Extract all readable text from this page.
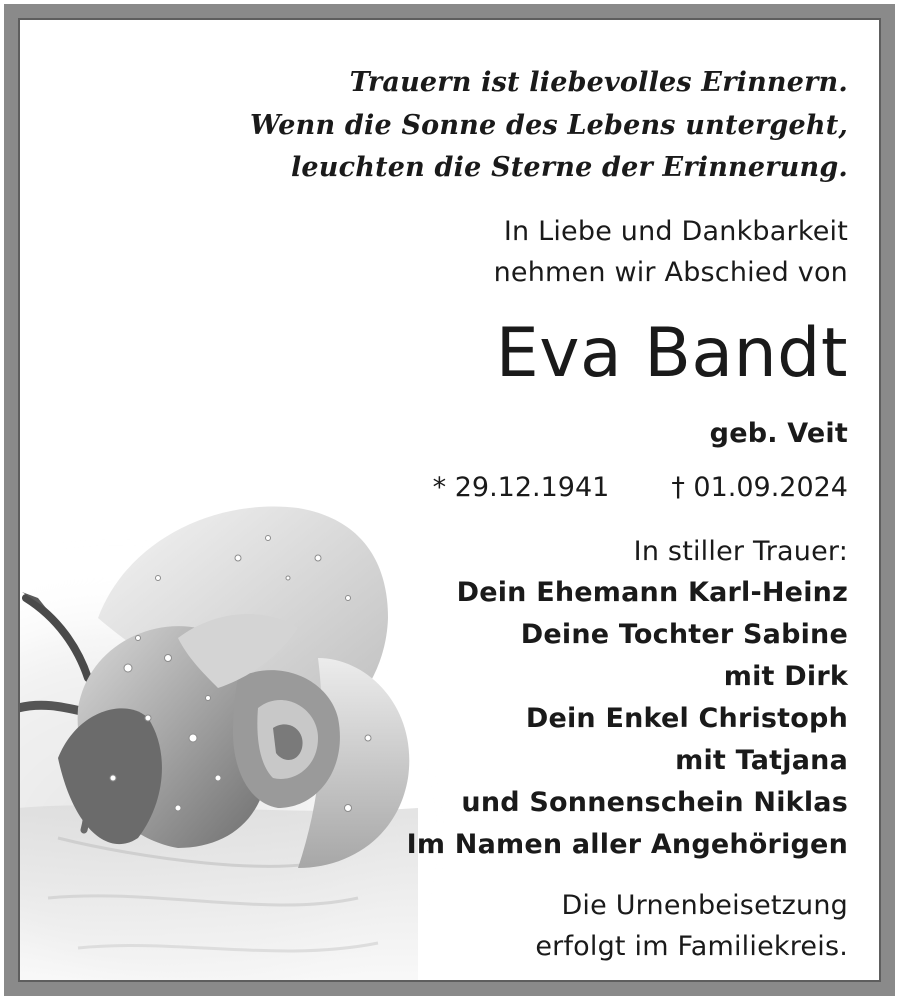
Trauern ist liebevolles Erinnern.
Wenn die Sonne des Lebens untergeht,
leuchten die Sterne der Erinnerung.
In Liebe und Dankbarkeit
nehmen wir Abschied von
Eva Bandt
geb. Veit
* 29.12.1941 † 01.09.2024
In stiller Trauer:
Dein Ehemann Karl-Heinz
Deine Tochter Sabine
mit Dirk
Dein Enkel Christoph
mit Tatjana
und Sonnenschein Niklas
Im Namen aller Angehörigen
Die Urnenbeisetzung
erfolgt im Familiekreis.
